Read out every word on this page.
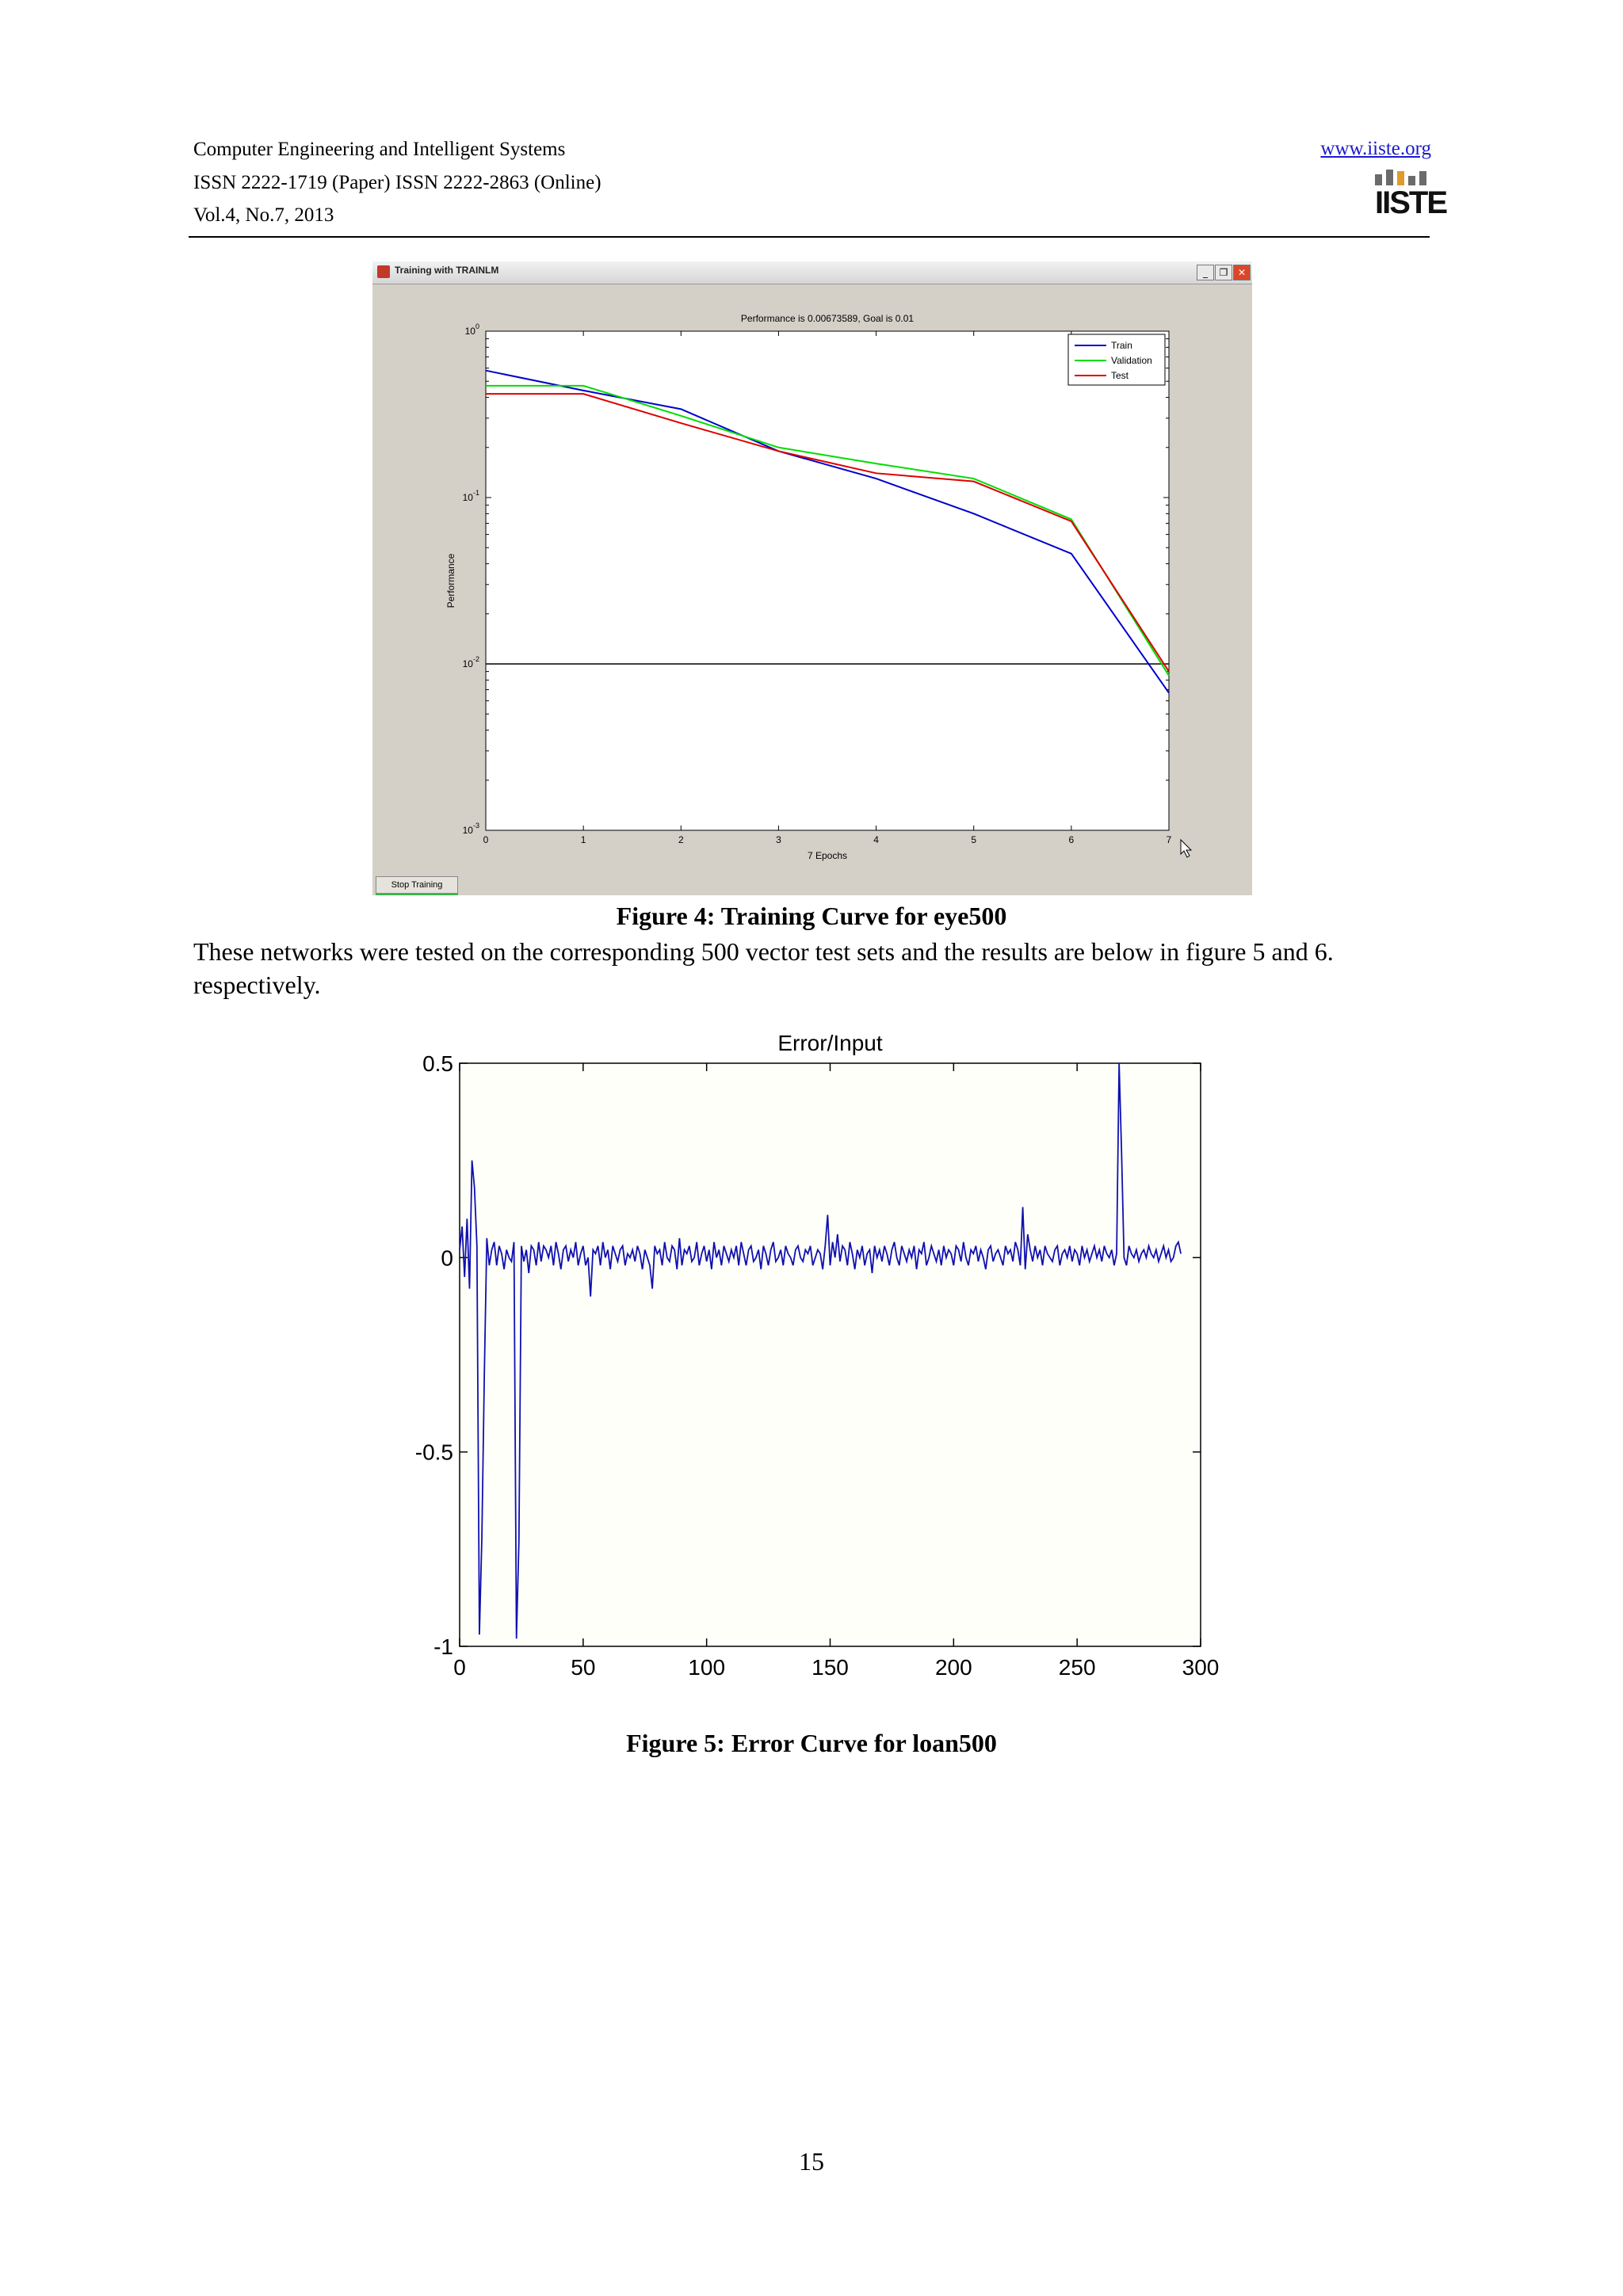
Computer Engineering and Intelligent Systems
ISSN 2222-1719 (Paper) ISSN 2222-2863 (Online)
Vol.4, No.7, 2013
www.iiste.org
IISTE
Training with TRAINLM	_	❐	✕
Performance is 0.00673589, Goal is 0.01
0	1	2	3	4	5	6	7
$10^0$
$10^{-1}$
$10^{-2}$
$10^{-3}$
Performance
7 Epochs
Train
Validation
Test
Stop Training
Figure 4: Training Curve for eye500
These networks were tested on the corresponding 500 vector test sets and the results are below in figure 5 and 6. respectively.
Error/Input
0	50	100	150	200	250	300
0.5
0
-0.5
-1
Figure 5: Error Curve for loan500
15
